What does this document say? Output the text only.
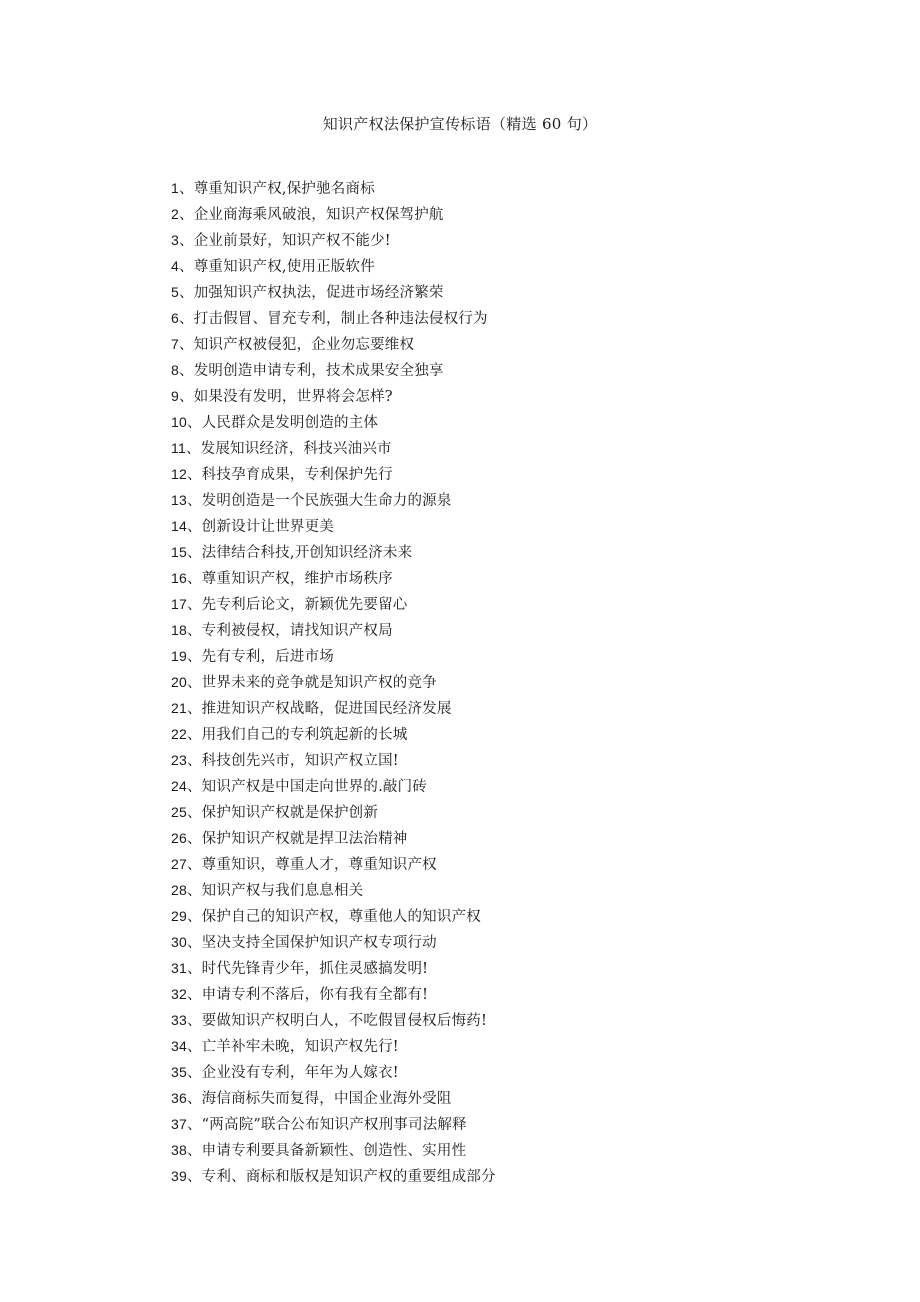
知识产权法保护宣传标语（精选 60 句）
1、尊重知识产权,保护驰名商标
2、企业商海乘风破浪，知识产权保驾护航
3、企业前景好，知识产权不能少!
4、尊重知识产权,使用正版软件
5、加强知识产权执法，促进市场经济繁荣
6、打击假冒、冒充专利，制止各种违法侵权行为
7、知识产权被侵犯，企业勿忘要维权
8、发明创造申请专利，技术成果安全独享
9、如果没有发明，世界将会怎样?
10、人民群众是发明创造的主体
11、发展知识经济，科技兴油兴市
12、科技孕育成果，专利保护先行
13、发明创造是一个民族强大生命力的源泉
14、创新设计让世界更美
15、法律结合科技,开创知识经济未来
16、尊重知识产权，维护市场秩序
17、先专利后论文，新颖优先要留心
18、专利被侵权，请找知识产权局
19、先有专利，后进市场
20、世界未来的竞争就是知识产权的竞争
21、推进知识产权战略，促进国民经济发展
22、用我们自己的专利筑起新的长城
23、科技创先兴市，知识产权立国!
24、知识产权是中国走向世界的.敲门砖
25、保护知识产权就是保护创新
26、保护知识产权就是捍卫法治精神
27、尊重知识，尊重人才，尊重知识产权
28、知识产权与我们息息相关
29、保护自己的知识产权，尊重他人的知识产权
30、坚决支持全国保护知识产权专项行动
31、时代先锋青少年，抓住灵感搞发明!
32、申请专利不落后，你有我有全都有!
33、要做知识产权明白人，不吃假冒侵权后悔药!
34、亡羊补牢未晚，知识产权先行!
35、企业没有专利，年年为人嫁衣!
36、海信商标失而复得，中国企业海外受阻
37、“两高院”联合公布知识产权刑事司法解释
38、申请专利要具备新颖性、创造性、实用性
39、专利、商标和版权是知识产权的重要组成部分
